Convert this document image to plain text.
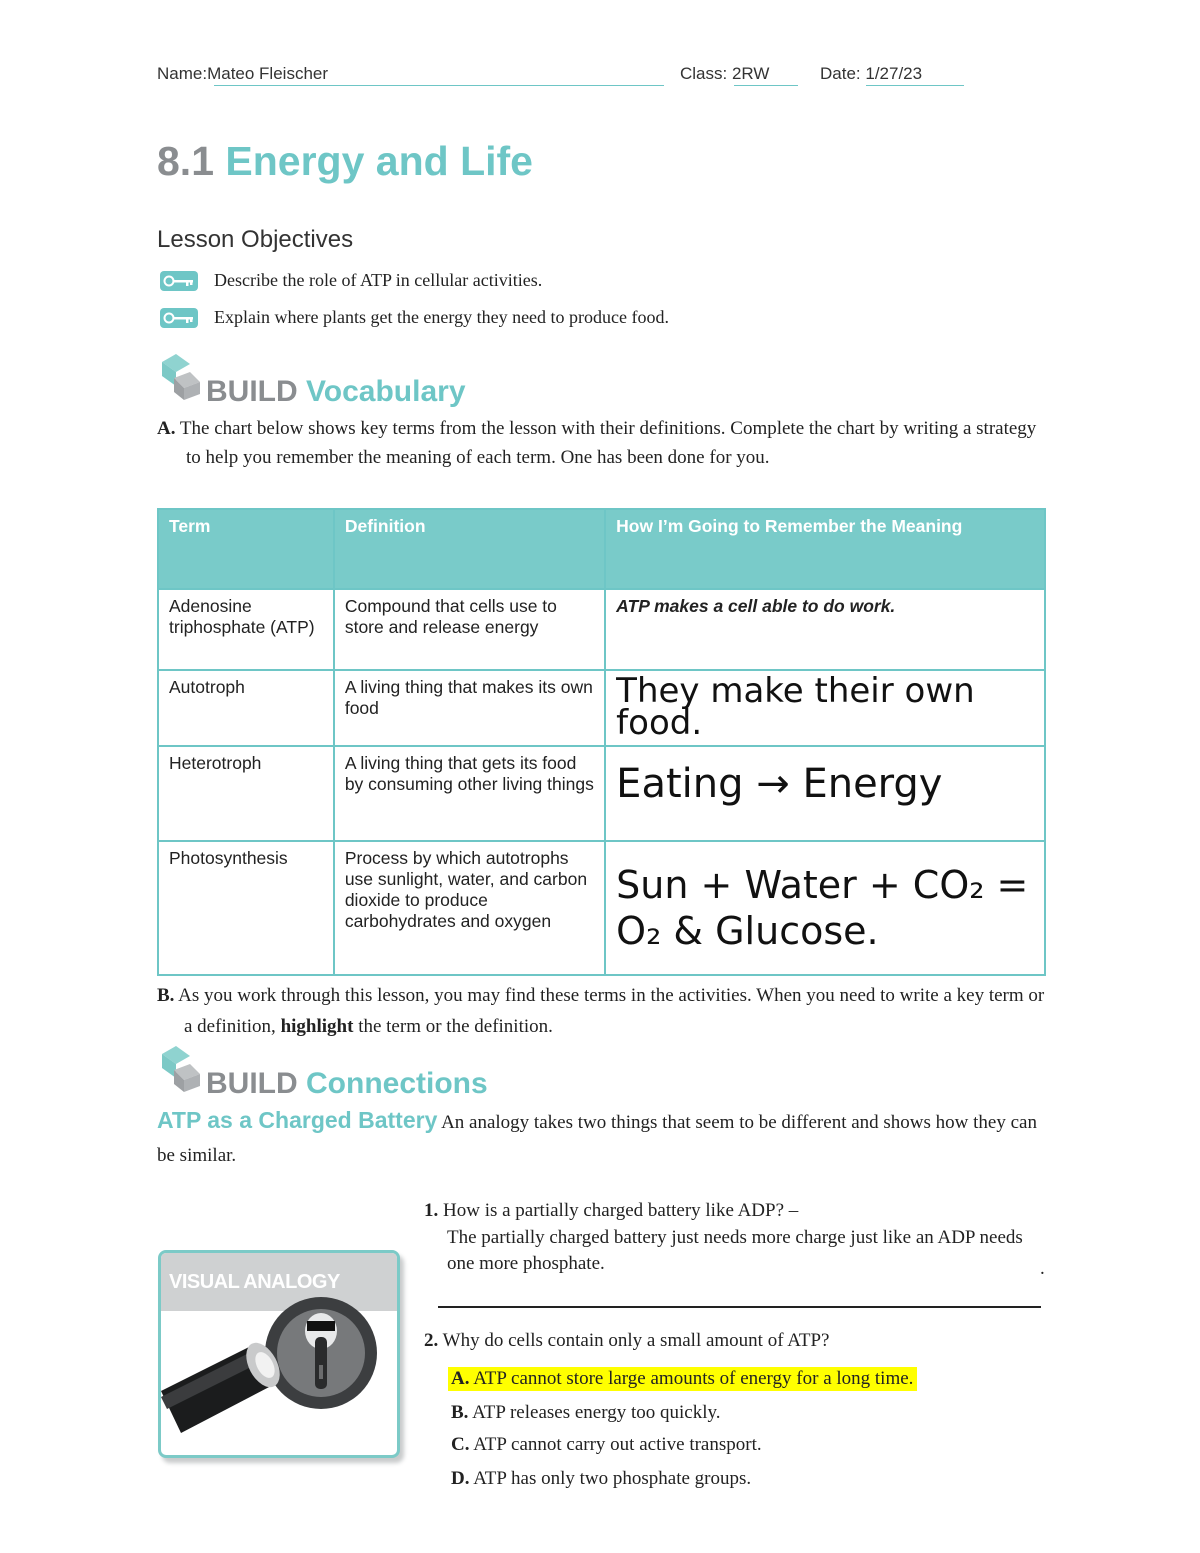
Name:Mateo Fleischer	Class: 2RW	Date: 1/27/23
8.1 Energy and Life
Lesson Objectives
Describe the role of ATP in cellular activities.
Explain where plants get the energy they need to produce food.
BUILD Vocabulary

A. The chart below shows key terms from the lesson with their definitions. Complete the chart by writing a strategy to help you remember the meaning of each term. One has been done for you.

Term	Definition	How I’m Going to Remember the Meaning
Adenosine triphosphate (ATP)	Compound that cells use to store and release energy	ATP makes a cell able to do work.
Autotroph	A living thing that makes its own food	They make their own food.
Heterotroph	A living thing that gets its food by consuming other living things	Eating → Energy
Photosynthesis	Process by which autotrophs use sunlight, water, and carbon dioxide to produce carbohydrates and oxygen	Sun + Water + CO₂ = O₂ & Glucose.

B. As you work through this lesson, you may find these terms in the activities. When you need to write a key term or a definition, highlight the term or the definition.

BUILD Connections

ATP as a Charged Battery An analogy takes two things that seem to be different and shows how they can be similar.

VISUAL ANALOGY
1. How is a partially charged battery like ADP? –
The partially charged battery just needs more charge just like an ADP needs one more phosphate.	.
2. Why do cells contain only a small amount of ATP?
A. ATP cannot store large amounts of energy for a long time.
B. ATP releases energy too quickly.
C. ATP cannot carry out active transport.
D. ATP has only two phosphate groups.
